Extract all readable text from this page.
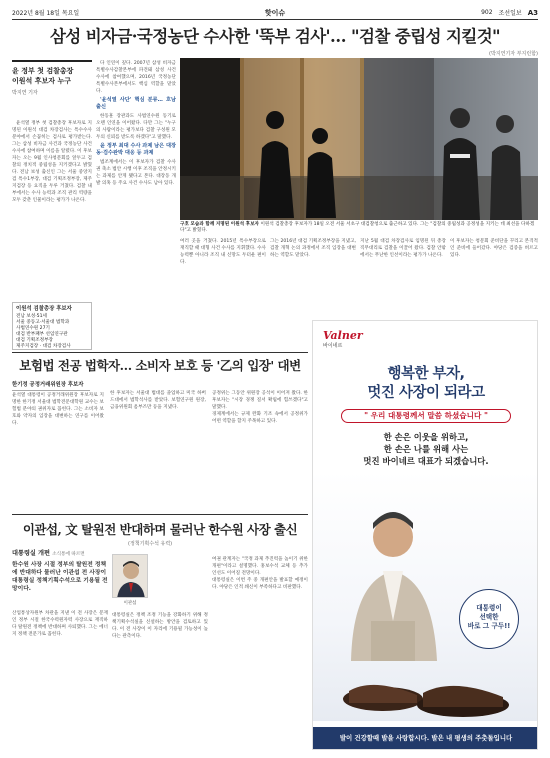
2022년 8월 18일 목요일	핫이슈	902 조선일보 A3
삼성 비자금·국정농단 수사한 '뚝부 검사'… "검찰 중립성 지킬것"
(박지연기자 부지런함)
윤 정부 첫 검찰총장
이원석 후보자 누구
박지연 기자

윤석열 정부 첫 검찰총장 후보자로 지명된 이원석 대검 차장검사는 특수수사 분야에서 손꼽히는 검사로 평가받는다. 그는 삼성 비자금 사건과 국정농단 사건 수사에 참여하며 이름을 알렸다. 이 후보자는 오는 9월 인사청문회를 앞두고 검찰의 정치적 중립성을 지키겠다고 밝혔다. 전남 보성 출신인 그는 서울 중앙지검 특수1부장, 대검 기획조정부장, 제주지검장 등 요직을 두루 거쳤다. 검찰 내부에서는 수사 능력과 조직 관리 역량을 모두 갖춘 인물이라는 평가가 나온다.

이원석 검찰총장 후보자
전남 보성·51세
서울 중동고·서울대 법학과
사법연수원 27기
대검 반부패부 선임연구관
대검 기획조정부장
제주지검장 · 대검 차장검사

다 인연이 깊다. 2007년 삼성 비자금 특별수사감찰본부에 파견돼 삼성 사건 수사에 참여했으며, 2016년 국정농단 특별수사본부에서도 핵심 역할을 맡았다.

'윤석열 사단' 핵심 분류… 호남 출신

한동훈 장관과도 사법연수원 동기로 오랜 인연을 이어왔다. 다만 그는 "누구의 사람이라는 평가보다 검찰 구성원 모두의 신뢰를 받도록 하겠다"고 말했다.

윤 정부 최대 수사 과제 남은 대장동·검수완박 대응 등 과제

법조계에서는 이 후보자가 검찰 수사권 축소 법안 시행 이후 조직을 안정시키는 과제를 안게 됐다고 본다. 대장동 개발 의혹 등 주요 사건 수사도 남아 있다.

구호 모습과 함께 지명된 이원석 후보자 이원석 검찰총장 후보자가 18일 오전 서울 서초구 대검찰청으로 출근하고 있다. 그는 "검찰의 중립성과 공정성을 지키는 데 최선을 다하겠다"고 밝혔다.

여러 곳을 거쳤다. 2015년 특수부장으로 재직할 때 대형 사건 수사를 지휘했다. 수사 능력뿐 아니라 조직 내 신망도 두터운 편이다.

그는 2016년 대검 기획조정부장을 지냈고, 검찰 개혁 논의 과정에서 조직 입장을 대변하는 역할도 맡았다.

지난 5월 대검 차장검사로 임명된 뒤 총장 직무대리로 검찰을 이끌어 왔다. 검찰 안팎에서는 무난한 인선이라는 평가가 나온다.

이 후보자는 청문회 준비단을 꾸리고 본격적인 준비에 들어갔다. 야당은 검증을 벼르고 있다.

보험법 전공 법학자… 소비자 보호 등 '乙의 입장' 대변
한기정 공정거래위원장 후보자

윤석열 대통령이 공정거래위원장 후보자로 지명한 한기정 서울대 법학전문대학원 교수는 보험법 분야의 권위자로 꼽힌다. 그는 소비자 보호와 약자의 입장을 대변하는 연구를 이어왔다.

한 후보자는 서울대 법대를 졸업하고 미국 하버드대에서 법학석사를 받았다. 보험연구원 원장, 금융위원회 옴부즈만 등을 지냈다.

공정위는 그동안 위원장 공석이 이어져 왔다. 한 후보자는 "시장 경쟁 질서 확립에 힘쓰겠다"고 말했다.

경제계에서는 규제 완화 기조 속에서 공정위가 어떤 역할을 할지 주목하고 있다.

이관섭, 文 탈원전 반대하며 물러난 한수원 사장 출신
(정책기획수석 유력)
대통령실 개편 소식통에 따르면
한수원 사장 시절 정부의 탈원전 정책에 반대하다 물러난 이관섭 전 사장이 대통령실 정책기획수석으로 기용될 전망이다.
이관섭

산업통상자원부 차관을 지낸 이 전 사장은 문재인 정부 시절 한국수력원자력 사장으로 재직하다 탈원전 정책에 반대하며 사퇴했다. 그는 에너지 정책 전문가로 꼽힌다.

대통령실은 정책 조정 기능을 강화하기 위해 정책기획수석실을 신설하는 방안을 검토하고 있다. 이 전 사장이 이 자리에 기용될 가능성이 높다는 관측이다.

여권 관계자는 "국정 과제 추진력을 높이기 위한 개편"이라고 설명했다. 홍보수석 교체 등 추가 인선도 이어질 전망이다.

대통령실은 이번 주 중 개편안을 발표할 예정이다. 야당은 인적 쇄신이 부족하다고 비판했다.

Valner
바이네르
행복한 부자,
멋진 사장이 되라고
" 우리 대통령께서 말씀 하셨습니다 "
한 손은 이웃을 위하고,
한 손은 나를 위해 사는
멋진 바이네르 대표가 되겠습니다.
대통령이
선택한
바로 그 구두!!
발이 건강할때 발을 사랑합시다. 발은 내 평생의 주춧돌입니다
